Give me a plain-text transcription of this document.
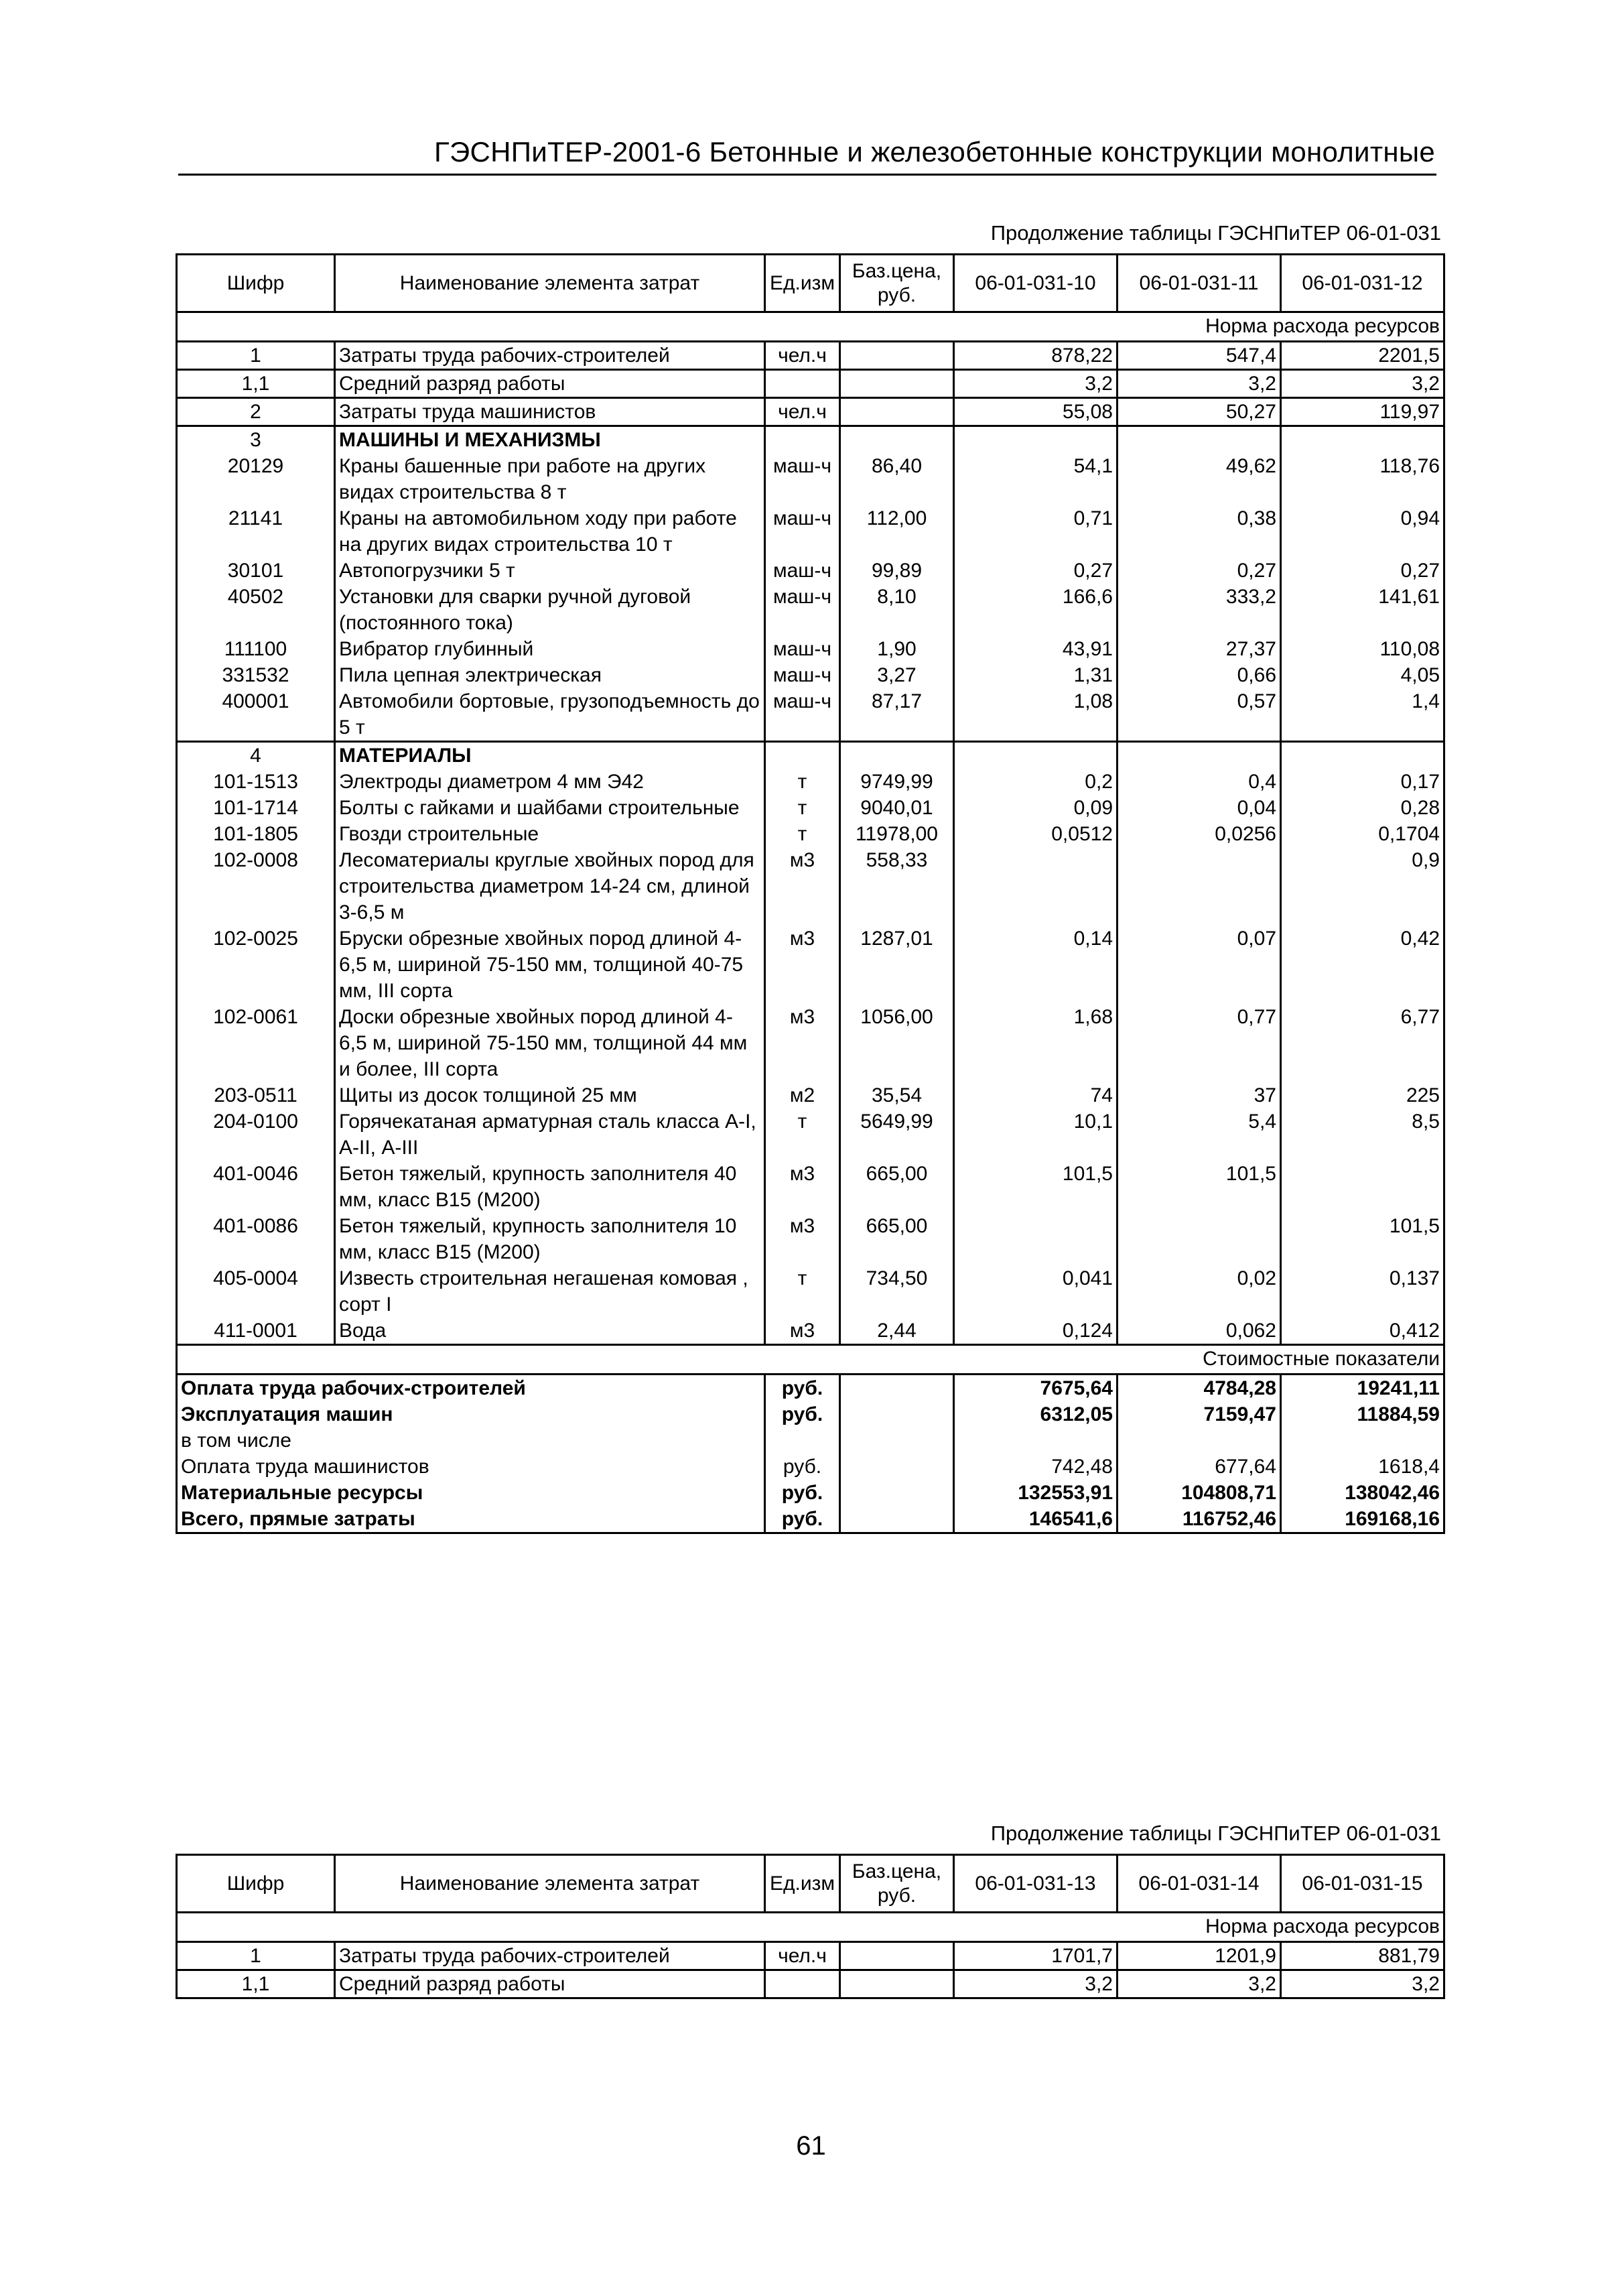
ГЭСНПиТЕР-2001-6 Бетонные и железобетонные конструкции монолитные
Продолжение таблицы ГЭСНПиТЕР 06-01-031
Шифр	Наименование элемента затрат	Ед.изм	Баз.цена, руб.	06-01-031-10	06-01-031-11	06-01-031-12
				Норма расхода ресурсов		
1	Затраты труда рабочих-строителей	чел.ч		878,22	547,4	2201,5
1,1	Средний разряд работы			3,2	3,2	3,2
2	Затраты труда машинистов	чел.ч		55,08	50,27	119,97
3	МАШИНЫ И МЕХАНИЗМЫ					
20129	Краны башенные при работе на других видах строительства 8 т	маш-ч	86,40	54,1	49,62	118,76
21141	Краны на автомобильном ходу при работе на других видах строительства 10 т	маш-ч	112,00	0,71	0,38	0,94
30101	Автопогрузчики 5 т	маш-ч	99,89	0,27	0,27	0,27
40502	Установки для сварки ручной дуговой (постоянного тока)	маш-ч	8,10	166,6	333,2	141,61
111100	Вибратор глубинный	маш-ч	1,90	43,91	27,37	110,08
331532	Пила цепная электрическая	маш-ч	3,27	1,31	0,66	4,05
400001	Автомобили бортовые, грузоподъемность до 5 т	маш-ч	87,17	1,08	0,57	1,4
4	МАТЕРИАЛЫ					
101-1513	Электроды диаметром 4 мм Э42	т	9749,99	0,2	0,4	0,17
101-1714	Болты с гайками и шайбами строительные	т	9040,01	0,09	0,04	0,28
101-1805	Гвозди строительные	т	11978,00	0,0512	0,0256	0,1704
102-0008	Лесоматериалы круглые хвойных пород для строительства диаметром 14-24 см, длиной 3-6,5 м	м3	558,33			0,9
102-0025	Бруски обрезные хвойных пород длиной 4-6,5 м, шириной 75-150 мм, толщиной 40-75 мм, III сорта	м3	1287,01	0,14	0,07	0,42
102-0061	Доски обрезные хвойных пород длиной 4-6,5 м, шириной 75-150 мм, толщиной 44 мм и более, III сорта	м3	1056,00	1,68	0,77	6,77
203-0511	Щиты из досок толщиной 25 мм	м2	35,54	74	37	225
204-0100	Горячекатаная арматурная сталь класса А-I, А-II, А-III	т	5649,99	10,1	5,4	8,5
401-0046	Бетон тяжелый, крупность заполнителя 40 мм, класс В15 (М200)	м3	665,00	101,5	101,5	
401-0086	Бетон тяжелый, крупность заполнителя 10 мм, класс В15 (М200)	м3	665,00			101,5
405-0004	Известь строительная негашеная комовая , сорт I	т	734,50	0,041	0,02	0,137
411-0001	Вода	м3	2,44	0,124	0,062	0,412
				Стоимостные показатели		
Оплата труда рабочих-строителей		руб.		7675,64	4784,28	19241,11
Эксплуатация машин		руб.		6312,05	7159,47	11884,59
в том числе						
Оплата труда машинистов		руб.		742,48	677,64	1618,4
Материальные ресурсы		руб.		132553,91	104808,71	138042,46
Всего, прямые затраты		руб.		146541,6	116752,46	169168,16
Продолжение таблицы ГЭСНПиТЕР 06-01-031
Шифр	Наименование элемента затрат	Ед.изм	Баз.цена, руб.	06-01-031-13	06-01-031-14	06-01-031-15
				Норма расхода ресурсов		
1	Затраты труда рабочих-строителей	чел.ч		1701,7	1201,9	881,79
1,1	Средний разряд работы			3,2	3,2	3,2
61
